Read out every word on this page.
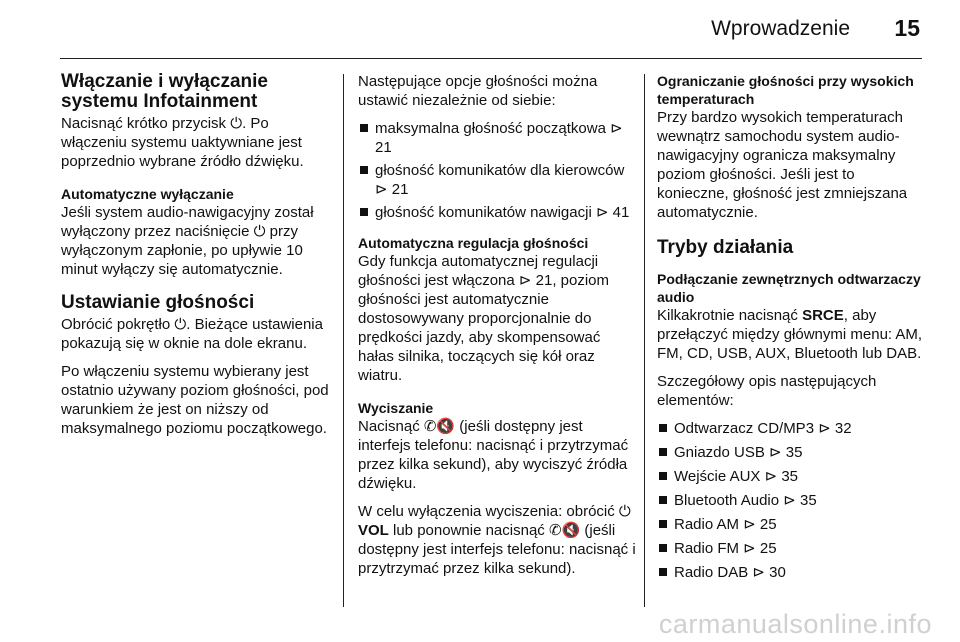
Wprowadzenie 15
Włączanie i wyłączanie systemu Infotainment

Nacisnąć krótko przycisk ⏻. Po włączeniu systemu uaktywniane jest poprzednio wybrane źródło dźwięku.

Automatyczne wyłączanie

Jeśli system audio-nawigacyjny został wyłączony przez naciśnięcie ⏻ przy wyłączonym zapłonie, po upływie 10 minut wyłączy się automatycznie.

Ustawianie głośności

Obrócić pokrętło ⏻. Bieżące ustawienia pokazują się w oknie na dole ekranu.

Po włączeniu systemu wybierany jest ostatnio używany poziom głośności, pod warunkiem że jest on niższy od maksymalnego poziomu początkowego.

Następujące opcje głośności można ustawić niezależnie od siebie:

maksymalna głośność początkowa ⊳ 21
głośność komunikatów dla kierowców ⊳ 21
głośność komunikatów nawigacji ⊳ 41
Automatyczna regulacja głośności

Gdy funkcja automatycznej regulacji głośności jest włączona ⊳ 21, poziom głośności jest automatycznie dostosowywany proporcjonalnie do prędkości jazdy, aby skompensować hałas silnika, toczących się kół oraz wiatru.

Wyciszanie

Nacisnąć ✆🔇 (jeśli dostępny jest interfejs telefonu: nacisnąć i przytrzymać przez kilka sekund), aby wyciszyć źródła dźwięku.

W celu wyłączenia wyciszenia: obrócić ⏻ VOL lub ponownie nacisnąć ✆🔇 (jeśli dostępny jest interfejs telefonu: nacisnąć i przytrzymać przez kilka sekund).

Ograniczanie głośności przy wysokich temperaturach

Przy bardzo wysokich temperaturach wewnątrz samochodu system audio-nawigacyjny ogranicza maksymalny poziom głośności. Jeśli jest to konieczne, głośność jest zmniejszana automatycznie.

Tryby działania
Podłączanie zewnętrznych odtwarzaczy audio

Kilkakrotnie nacisnąć SRCE, aby przełączyć między głównymi menu: AM, FM, CD, USB, AUX, Bluetooth lub DAB.

Szczegółowy opis następujących elementów:

Odtwarzacz CD/MP3 ⊳ 32
Gniazdo USB ⊳ 35
Wejście AUX ⊳ 35
Bluetooth Audio ⊳ 35
Radio AM ⊳ 25
Radio FM ⊳ 25
Radio DAB ⊳ 30
carmanualsonline.info
